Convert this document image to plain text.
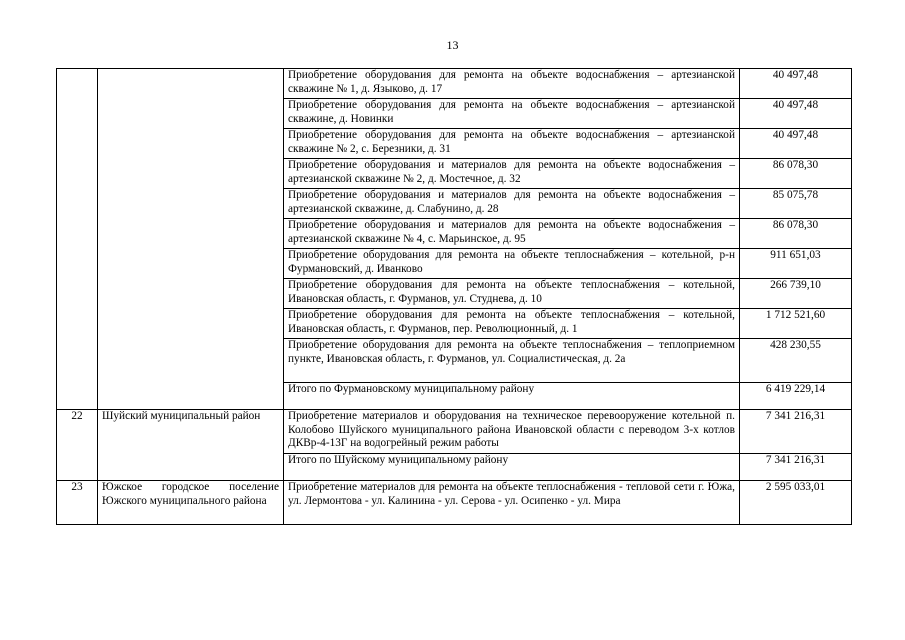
13
		Приобретение оборудования для ремонта на объекте водоснабжения – артезианской скважине № 1, д. Языково, д. 17	40 497,48
		Приобретение оборудования для ремонта на объекте водоснабжения – артезианской скважине, д. Новинки	40 497,48
		Приобретение оборудования для ремонта на объекте водоснабжения – артезианской скважине № 2, с. Березники, д. 31	40 497,48
		Приобретение оборудования и материалов для ремонта на объекте водоснабжения – артезианской скважине № 2, д. Мостечное, д. 32	86 078,30
		Приобретение оборудования и материалов для ремонта на объекте водоснабжения – артезианской скважине, д. Слабунино, д. 28	85 075,78
		Приобретение оборудования и материалов для ремонта на объекте водоснабжения – артезианской скважине № 4, с. Марьинское, д. 95	86 078,30
		Приобретение оборудования для ремонта на объекте теплоснабжения – котельной, р-н Фурмановский, д. Иванково	911 651,03
		Приобретение оборудования для ремонта на объекте теплоснабжения – котельной, Ивановская область, г. Фурманов, ул. Студнева, д. 10	266 739,10
		Приобретение оборудования для ремонта на объекте теплоснабжения – котельной, Ивановская область, г. Фурманов, пер. Революционный, д. 1	1 712 521,60
		Приобретение оборудования для ремонта на объекте теплоснабжения – теплоприемном пункте, Ивановская область, г. Фурманов, ул. Социалистическая, д. 2а	428 230,55
		Итого по Фурмановскому муниципальному району	6 419 229,14
22	Шуйский муниципальный район	Приобретение материалов и оборудования на техническое перевооружение котельной п. Колобово Шуйского муниципального района Ивановской области с переводом 3-х котлов ДКВр-4-13Г на водогрейный режим работы	7 341 216,31
		Итого по Шуйскому муниципальному району	7 341 216,31
23	Южское городское поселение Южского муниципального района	Приобретение материалов для ремонта на объекте теплоснабжения - тепловой сети г. Южа, ул. Лермонтова - ул. Калинина - ул. Серова - ул. Осипенко - ул. Мира	2 595 033,01
